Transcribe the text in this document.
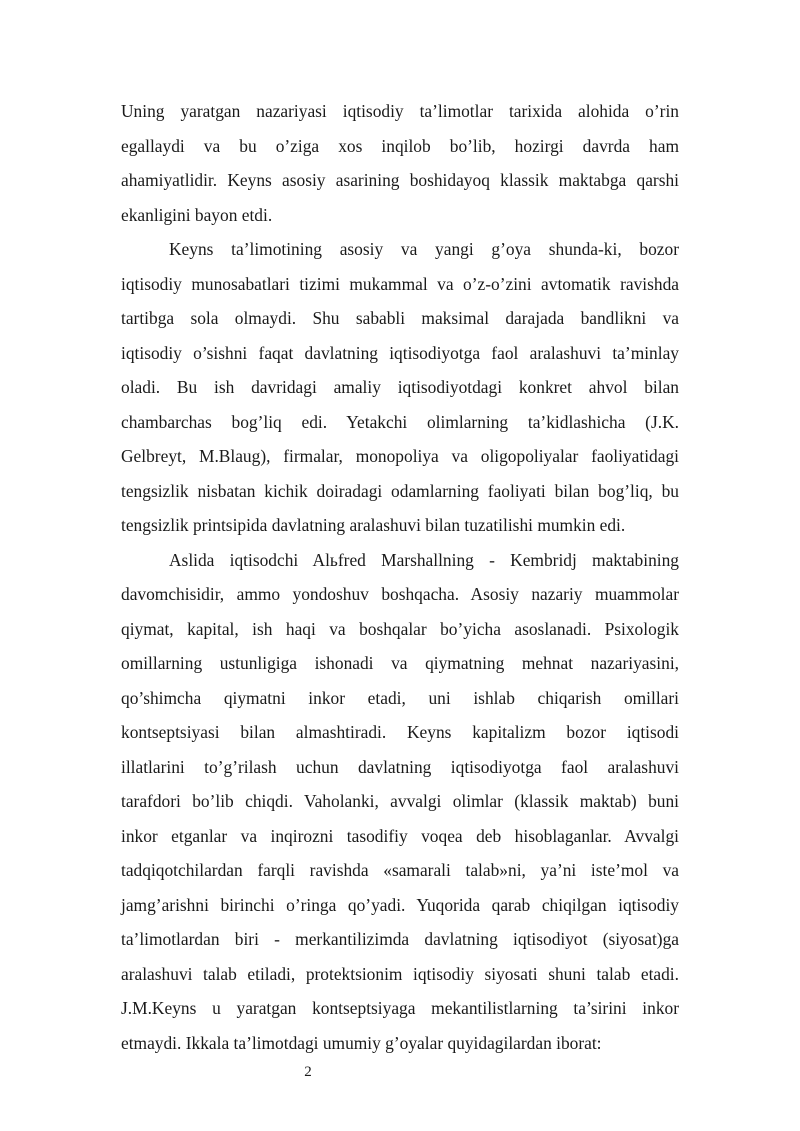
Uning yaratgan nazariyasi iqtisodiy ta’limotlar tarixida alohida o’rin
egallaydi va bu o’ziga xos inqilob bo’lib, hozirgi davrda ham
ahamiyatlidir. Keyns asosiy asarining boshidayoq klassik maktabga qarshi
ekanligini bayon etdi.
Keyns ta’limotining asosiy va yangi g’oya shunda-ki, bozor
iqtisodiy munosabatlari tizimi mukammal va o’z-o’zini avtomatik ravishda
tartibga sola olmaydi. Shu sababli maksimal darajada bandlikni va
iqtisodiy o’sishni faqat davlatning iqtisodiyotga faol aralashuvi ta’minlay
oladi. Bu ish davridagi amaliy iqtisodiyotdagi konkret ahvol bilan
chambarchas bog’liq edi. Yetakchi olimlarning ta’kidlashicha (J.K.
Gelbreyt, M.Blaug), firmalar, monopoliya va oligopoliyalar faoliyatidagi
tengsizlik nisbatan kichik doiradagi odamlarning faoliyati bilan bog’liq, bu
tengsizlik printsipida davlatning aralashuvi bilan tuzatilishi mumkin edi.
Aslida iqtisodchi Alьfred Marshallning - Kembridj maktabining
davomchisidir, ammo yondoshuv boshqacha. Asosiy nazariy muammolar
qiymat, kapital, ish haqi va boshqalar bo’yicha asoslanadi. Psixologik
omillarning ustunligiga ishonadi va qiymatning mehnat nazariyasini,
qo’shimcha qiymatni inkor etadi, uni ishlab chiqarish omillari
kontseptsiyasi bilan almashtiradi. Keyns kapitalizm bozor iqtisodi
illatlarini to’g’rilash uchun davlatning iqtisodiyotga faol aralashuvi
tarafdori bo’lib chiqdi. Vaholanki, avvalgi olimlar (klassik maktab) buni
inkor etganlar va inqirozni tasodifiy voqea deb hisoblaganlar. Avvalgi
tadqiqotchilardan farqli ravishda «samarali talab»ni, ya’ni iste’mol va
jamg’arishni birinchi o’ringa qo’yadi. Yuqorida qarab chiqilgan iqtisodiy
ta’limotlardan biri - merkantilizimda davlatning iqtisodiyot (siyosat)ga
aralashuvi talab etiladi, protektsionim iqtisodiy siyosati shuni talab etadi.
J.M.Keyns u yaratgan kontseptsiyaga mekantilistlarning ta’sirini inkor
etmaydi. Ikkala ta’limotdagi umumiy g’oyalar quyidagilardan iborat:
2
